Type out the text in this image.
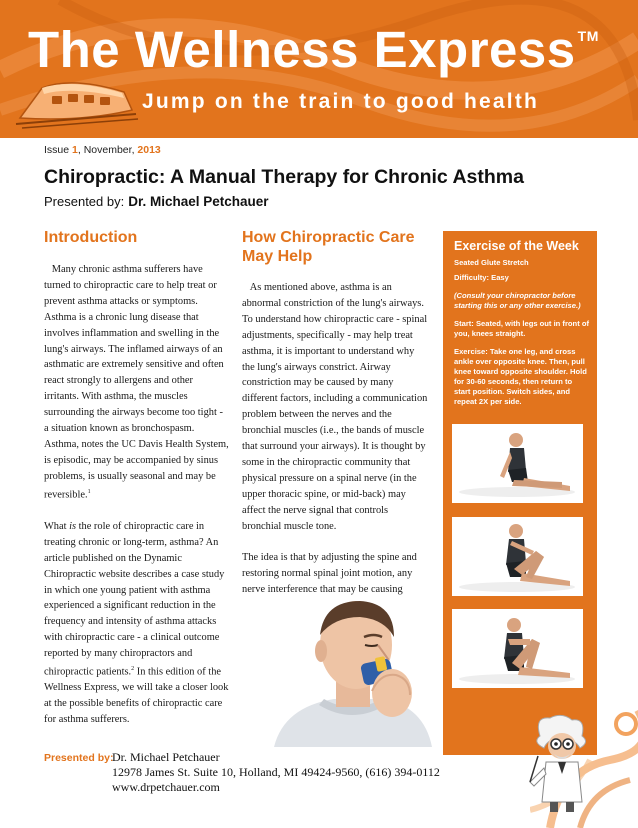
The Wellness Express ™
Jump on the train to good health
Issue 1, November, 2013
Chiropractic: A Manual Therapy for Chronic Asthma
Presented by: Dr. Michael Petchauer
Introduction

Many chronic asthma sufferers have turned to chiropractic care to help treat or prevent asthma attacks or symptoms. Asthma is a chronic lung disease that involves inflammation and swelling in the lung's airways. The inflamed airways of an asthmatic are extremely sensitive and often react strongly to allergens and other irritants. With asthma, the muscles surrounding the airways become too tight - a situation known as bronchospasm. Asthma, notes the UC Davis Health System, is episodic, may be accompanied by sinus problems, is usually seasonal and may be reversible.$^1$

What is the role of chiropractic care in treating chronic or long-term, asthma? An article published on the Dynamic Chiropractic website describes a case study in which one young patient with asthma experienced a significant reduction in the frequency and intensity of asthma attacks with chiropractic care - a clinical outcome reported by many chiropractors and chiropractic patients.$^2$ In this edition of the Wellness Express, we will take a closer look at the possible benefits of chiropractic care for asthma sufferers.

How Chiropractic Care May Help

As mentioned above, asthma is an abnormal constriction of the lung's airways. To understand how chiropractic care - spinal adjustments, specifically - may help treat asthma, it is important to understand why the lung's airways constrict. Airway constriction may be caused by many different factors, including a communication problem between the nerves and the bronchial muscles (i.e., the bands of muscle that surround your airways). It is thought by some in the chiropractic community that physical pressure on a spinal nerve (in the upper thoracic spine, or mid-back) may affect the nerve signal that controls bronchial muscle tone.

The idea is that by adjusting the spine and restoring normal spinal joint motion, any nerve interference that may be causing

Exercise of the Week
Seated Glute Stretch
Difficulty: Easy
(Consult your chiropractor before starting this or any other exercise.)
Start: Seated, with legs out in front of you, knees straight.
Exercise: Take one leg, and cross ankle over opposite knee. Then, pull knee toward opposite shoulder. Hold for 30-60 seconds, then return to start position. Switch sides, and repeat 2X per side.
Presented by:
Dr. Michael Petchauer
12978 James St. Suite 10, Holland, MI 49424-9560, (616) 394-0112
www.drpetchauer.com
